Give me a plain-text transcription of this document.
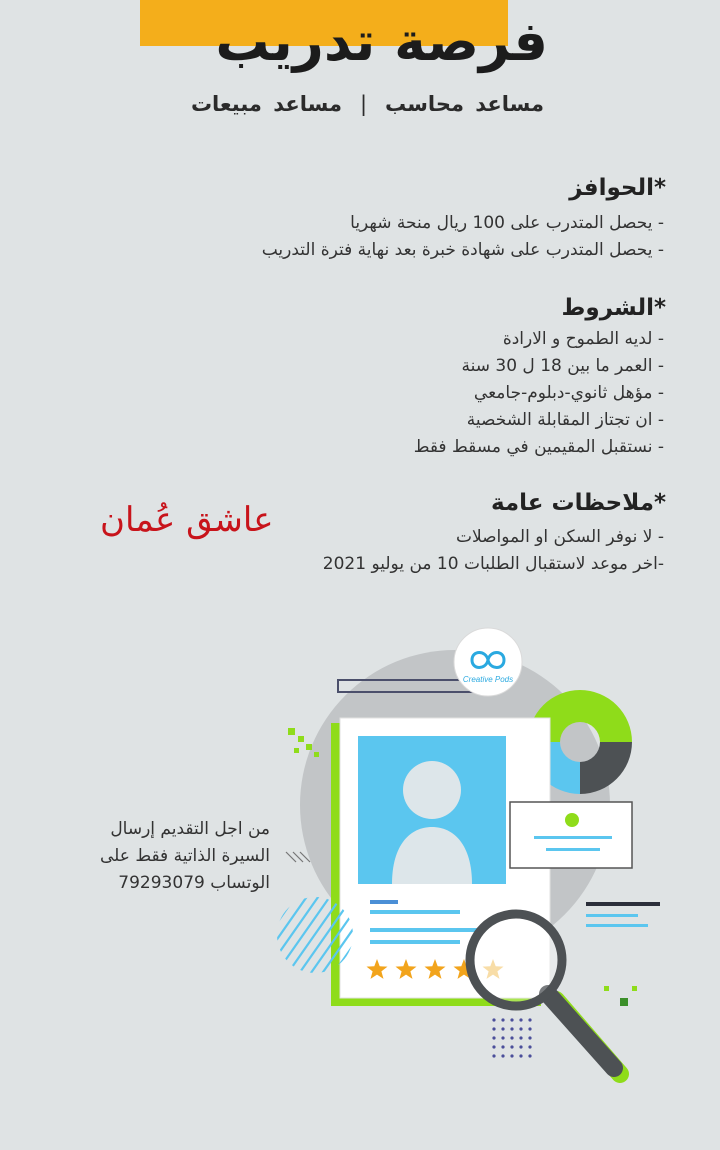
فرصة تدريب
مساعد محاسب|مساعد مبيعات
*الحوافز
- يحصل المتدرب على 100 ريال منحة شهريا
- يحصل المتدرب على شهادة خبرة بعد نهاية فترة التدريب
*الشروط
- لديه الطموح و الارادة
- العمر ما بين 18 ل 30 سنة
- مؤهل ثانوي-دبلوم-جامعي
- ان تجتاز المقابلة الشخصية
- نستقبل المقيمين في مسقط فقط
*ملاحظات عامة
- لا نوفر السكن او المواصلات
-اخر موعد لاستقبال الطلبات 10 من يوليو 2021
عاشق عُمان
Creative Pods
من اجل التقديم إرسال
السيرة الذاتية فقط على
الوتساب 79293079
